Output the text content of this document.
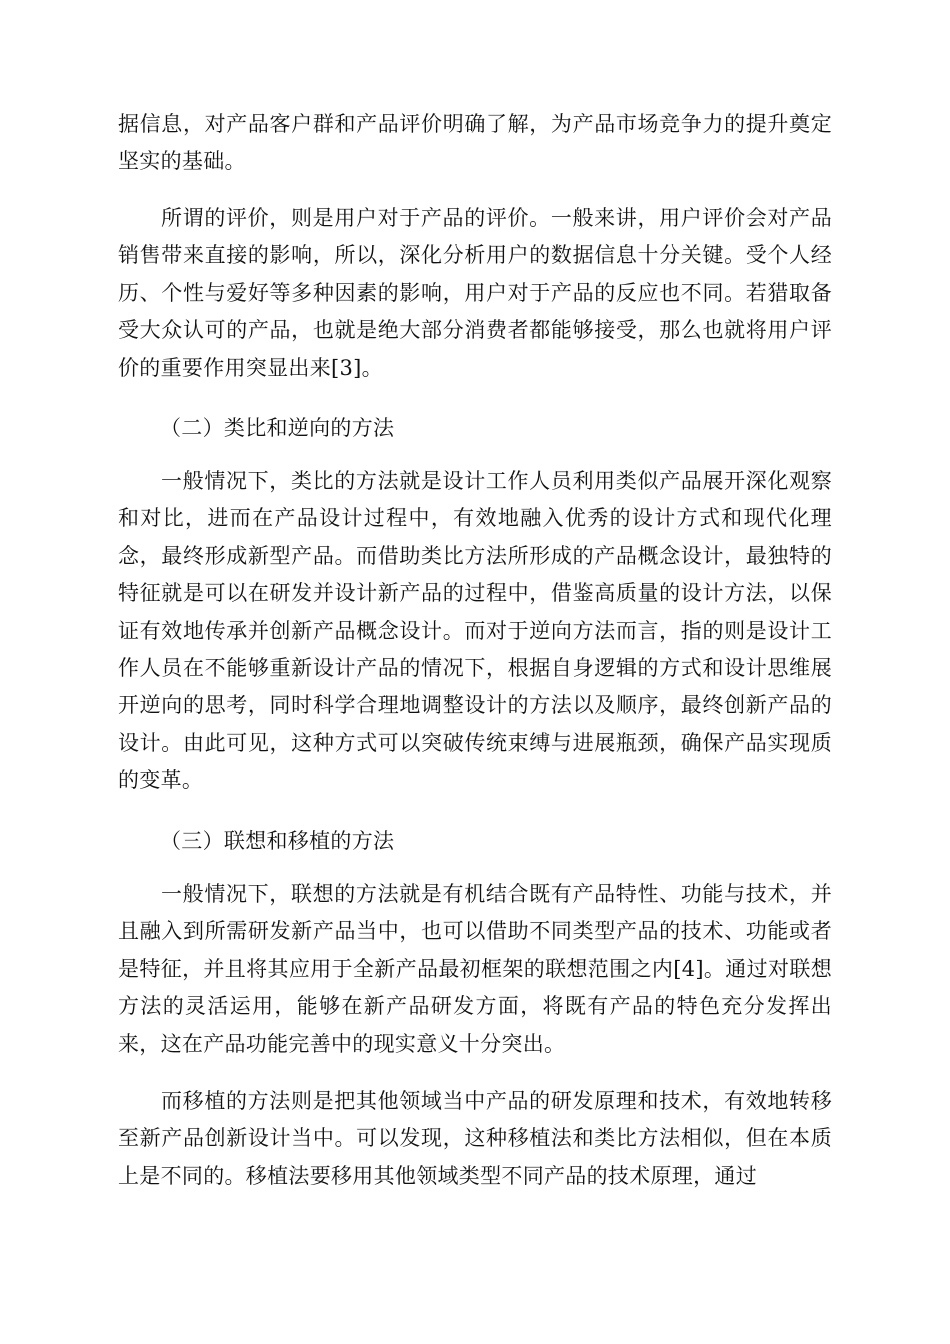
据信息，对产品客户群和产品评价明确了解，为产品市场竞争力的提升奠定坚实的基础。

所谓的评价，则是用户对于产品的评价。一般来讲，用户评价会对产品销售带来直接的影响，所以，深化分析用户的数据信息十分关键。受个人经历、个性与爱好等多种因素的影响，用户对于产品的反应也不同。若猎取备受大众认可的产品，也就是绝大部分消费者都能够接受，那么也就将用户评价的重要作用突显出来[3]。

（二）类比和逆向的方法

一般情况下，类比的方法就是设计工作人员利用类似产品展开深化观察和对比，进而在产品设计过程中，有效地融入优秀的设计方式和现代化理念，最终形成新型产品。而借助类比方法所形成的产品概念设计，最独特的特征就是可以在研发并设计新产品的过程中，借鉴高质量的设计方法，以保证有效地传承并创新产品概念设计。而对于逆向方法而言，指的则是设计工作人员在不能够重新设计产品的情况下，根据自身逻辑的方式和设计思维展开逆向的思考，同时科学合理地调整设计的方法以及顺序，最终创新产品的设计。由此可见，这种方式可以突破传统束缚与进展瓶颈，确保产品实现质的变革。

（三）联想和移植的方法

一般情况下，联想的方法就是有机结合既有产品特性、功能与技术，并且融入到所需研发新产品当中，也可以借助不同类型产品的技术、功能或者是特征，并且将其应用于全新产品最初框架的联想范围之内[4]。通过对联想方法的灵活运用，能够在新产品研发方面，将既有产品的特色充分发挥出来，这在产品功能完善中的现实意义十分突出。

而移植的方法则是把其他领域当中产品的研发原理和技术，有效地转移至新产品创新设计当中。可以发现，这种移植法和类比方法相似，但在本质上是不同的。移植法要移用其他领域类型不同产品的技术原理，通过
